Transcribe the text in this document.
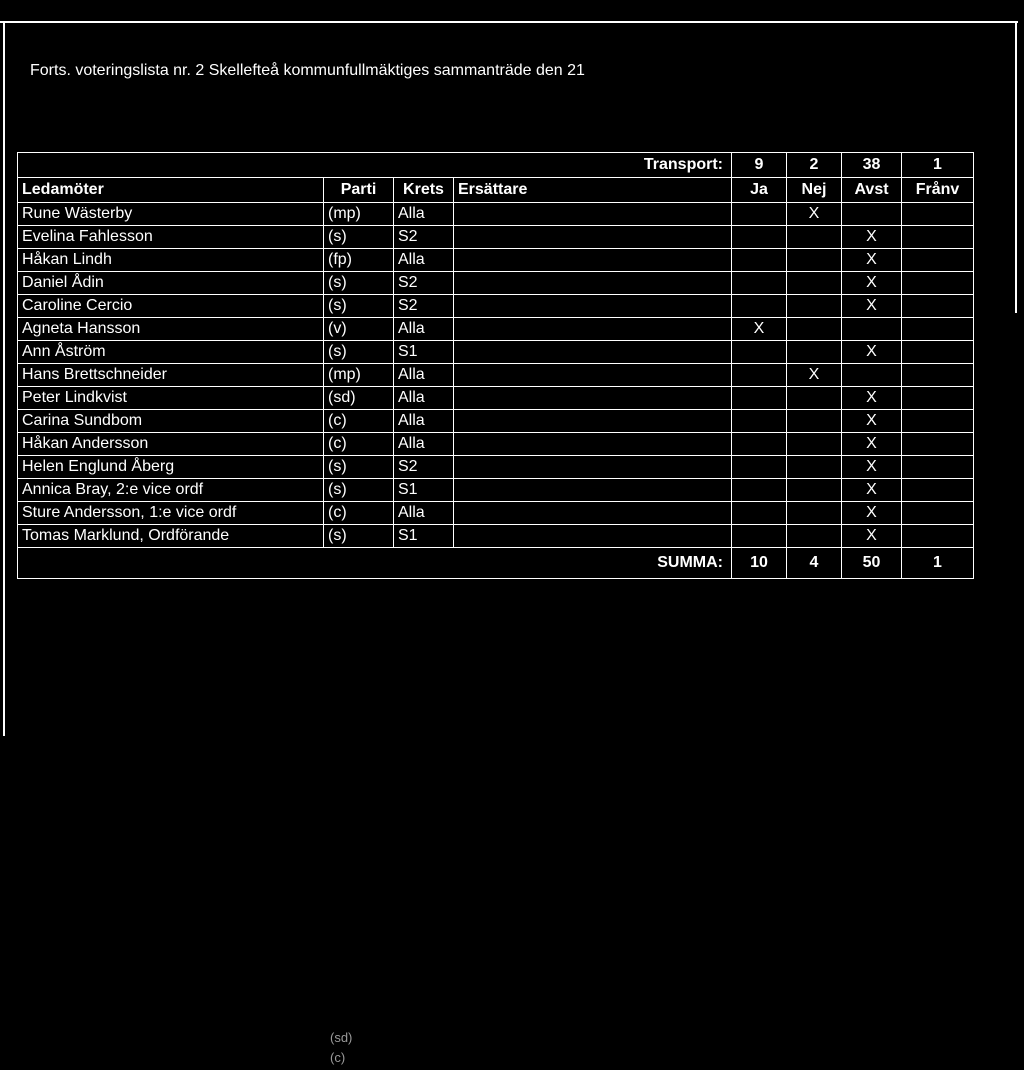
Forts. voteringslista nr. 2 Skellefteå kommunfullmäktiges sammanträde den 21
Transport:				9	2	38	1
Ledamöter	Parti	Krets	Ersättare	Ja	Nej	Avst	Frånv
Rune Wästerby	(mp)	Alla			X		
Evelina Fahlesson	(s)	S2				X	
Håkan Lindh	(fp)	Alla				X	
Daniel Ådin	(s)	S2				X	
Caroline Cercio	(s)	S2				X	
Agneta Hansson	(v)	Alla		X			
Ann Åström	(s)	S1				X	
Hans Brettschneider	(mp)	Alla			X		
Peter Lindkvist	(sd)	Alla				X	
Carina Sundbom	(c)	Alla				X	
Håkan Andersson	(c)	Alla				X	
Helen Englund Åberg	(s)	S2				X	
Annica Bray, 2:e vice ordf	(s)	S1				X	
Sture Andersson, 1:e vice ordf	(c)	Alla				X	
Tomas Marklund, Ordförande	(s)	S1				X	
SUMMA:				10	4	50	1
(sd)
(c)
